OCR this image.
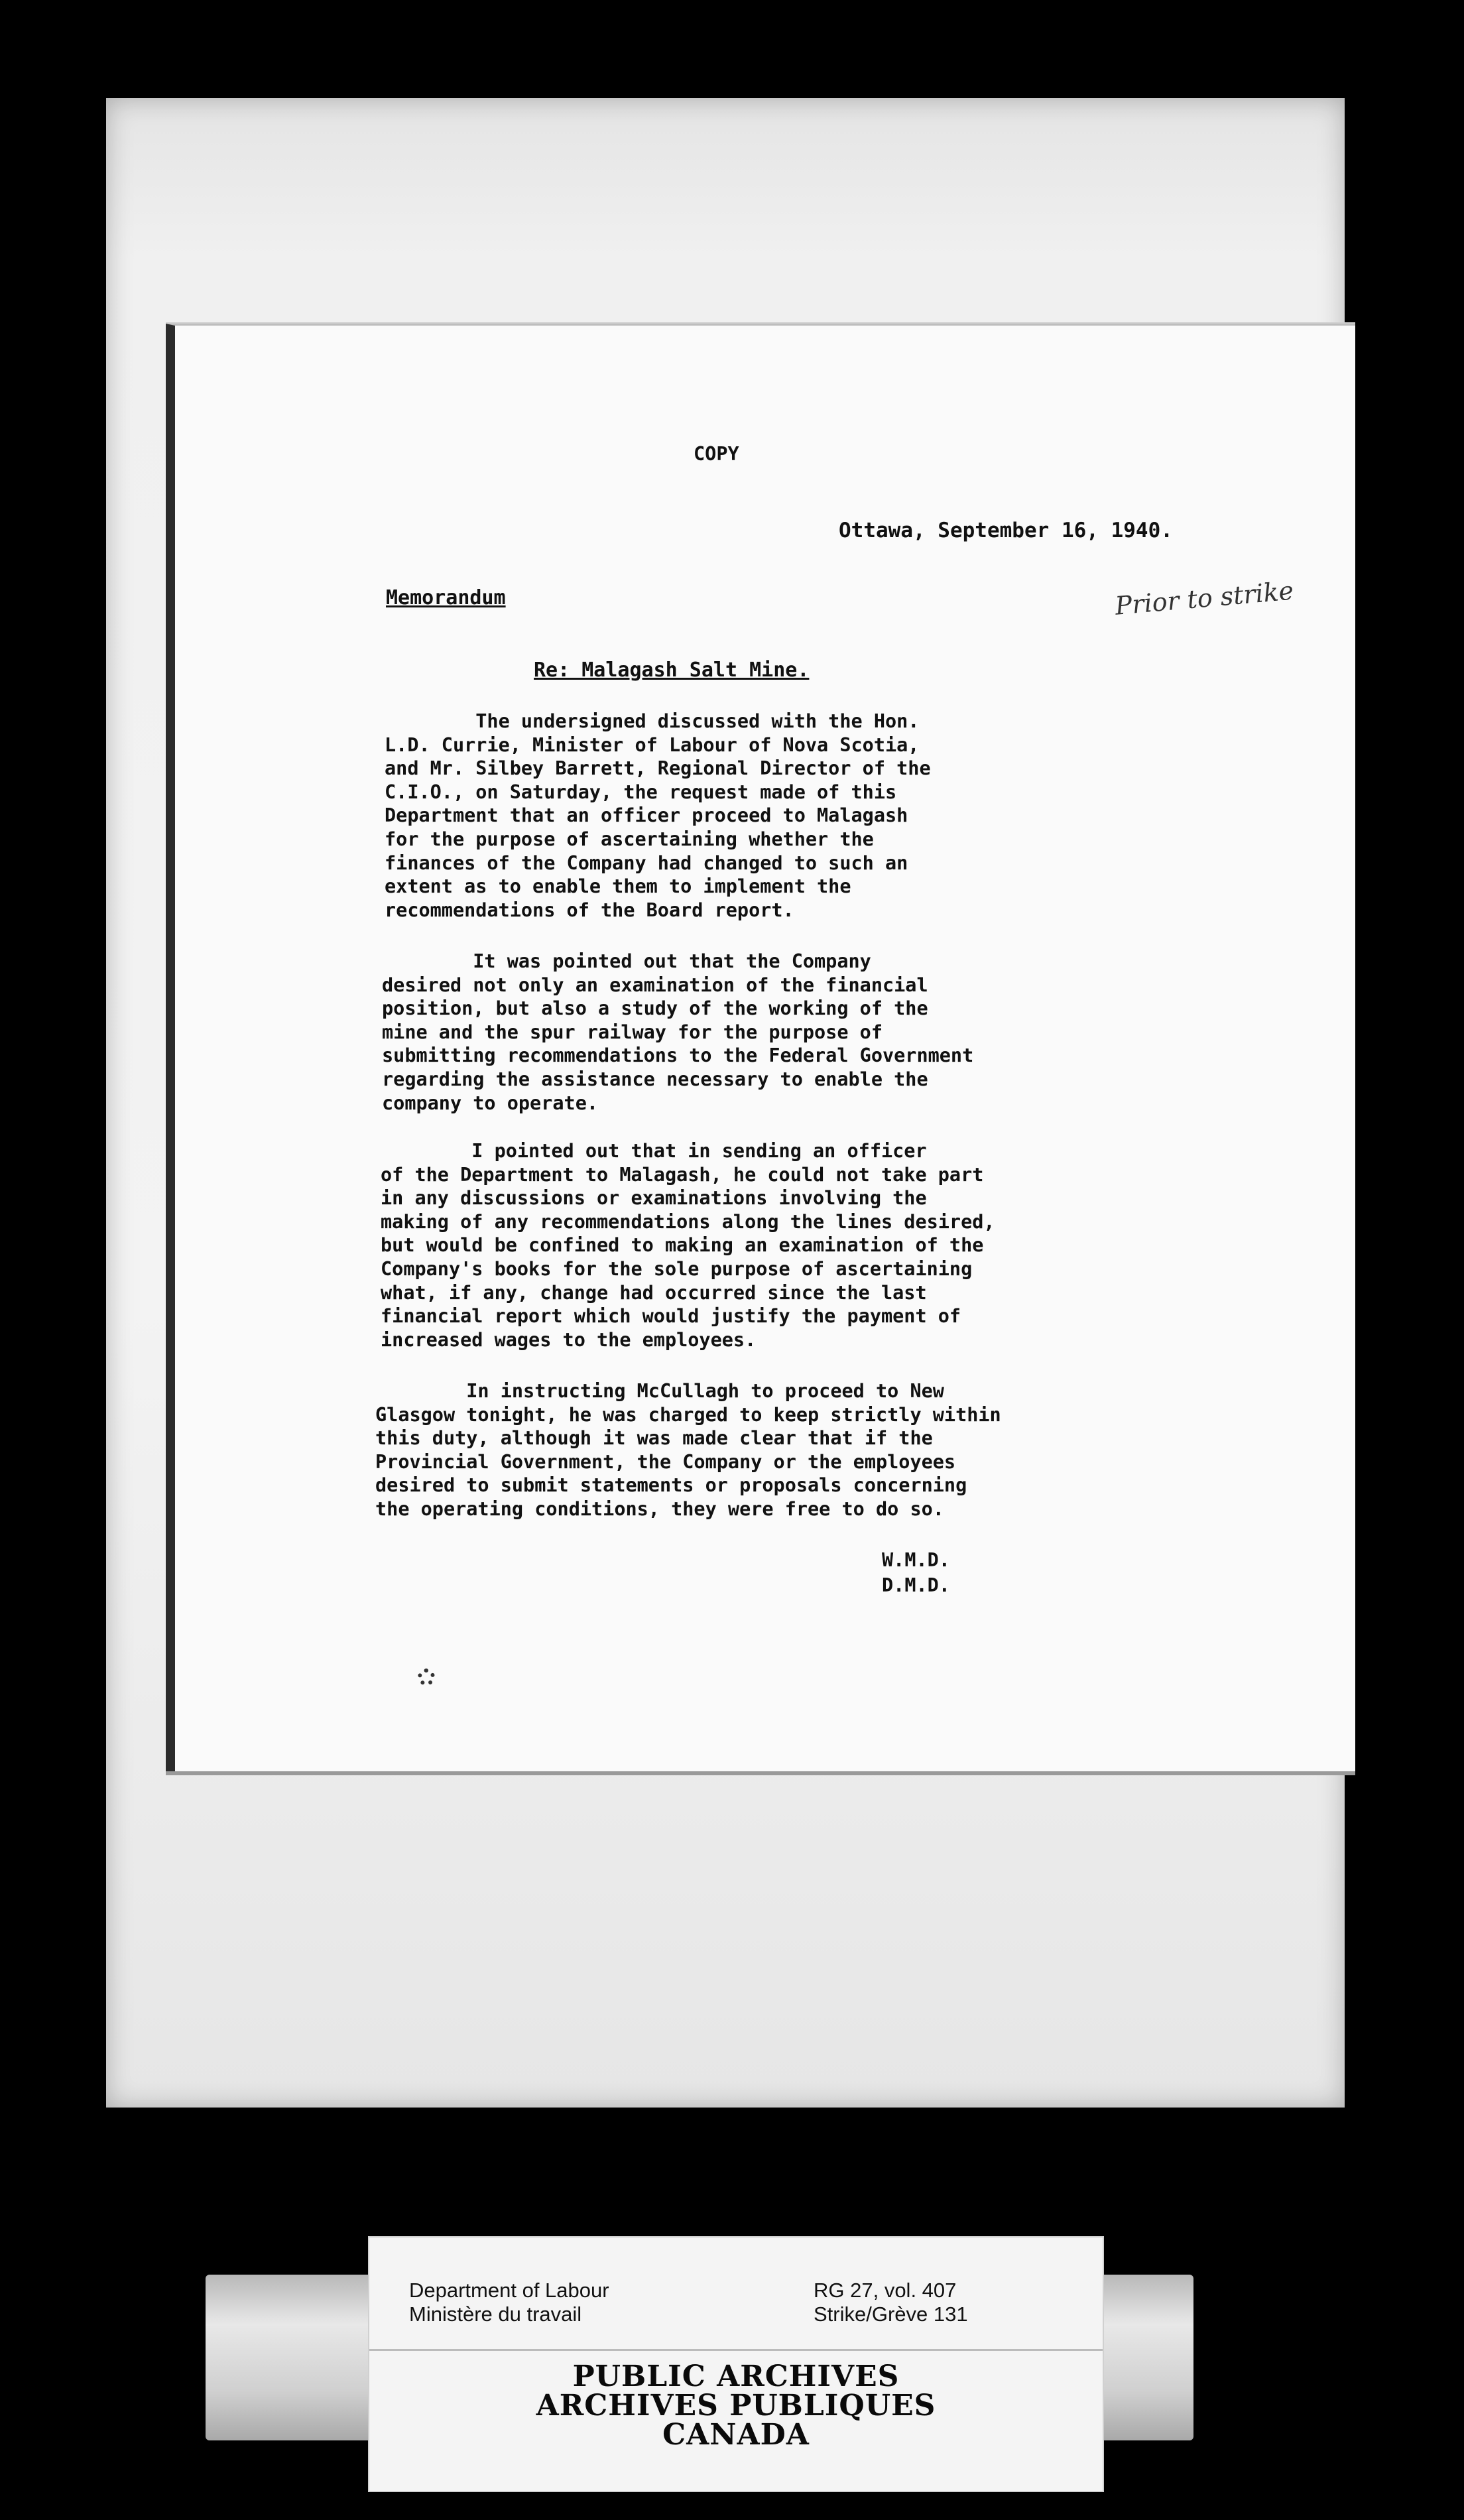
COPY
Ottawa, September 16, 1940.
Memorandum	Prior to strike
Re: Malagash Salt Mine.
The undersigned discussed with the Hon.
L.D. Currie, Minister of Labour of Nova Scotia,
and Mr. Silbey Barrett, Regional Director of the
C.I.O., on Saturday, the request made of this
Department that an officer proceed to Malagash
for the purpose of ascertaining whether the
finances of the Company had changed to such an
extent as to enable them to implement the
recommendations of the Board report.
It was pointed out that the Company
desired not only an examination of the financial
position, but also a study of the working of the
mine and the spur railway for the purpose of
submitting recommendations to the Federal Government
regarding the assistance necessary to enable the
company to operate.
I pointed out that in sending an officer
of the Department to Malagash, he could not take part
in any discussions or examinations involving the
making of any recommendations along the lines desired,
but would be confined to making an examination of the
Company's books for the sole purpose of ascertaining
what, if any, change had occurred since the last
financial report which would justify the payment of
increased wages to the employees.
In instructing McCullagh to proceed to New
Glasgow tonight, he was charged to keep strictly within
this duty, although it was made clear that if the
Provincial Government, the Company or the employees
desired to submit statements or proposals concerning
the operating conditions, they were free to do so.
W.M.D.
D.M.D.
Department of Labour
Ministère du travail
RG 27, vol. 407
Strike/Grève 131
PUBLIC ARCHIVES
ARCHIVES PUBLIQUES
CANADA
